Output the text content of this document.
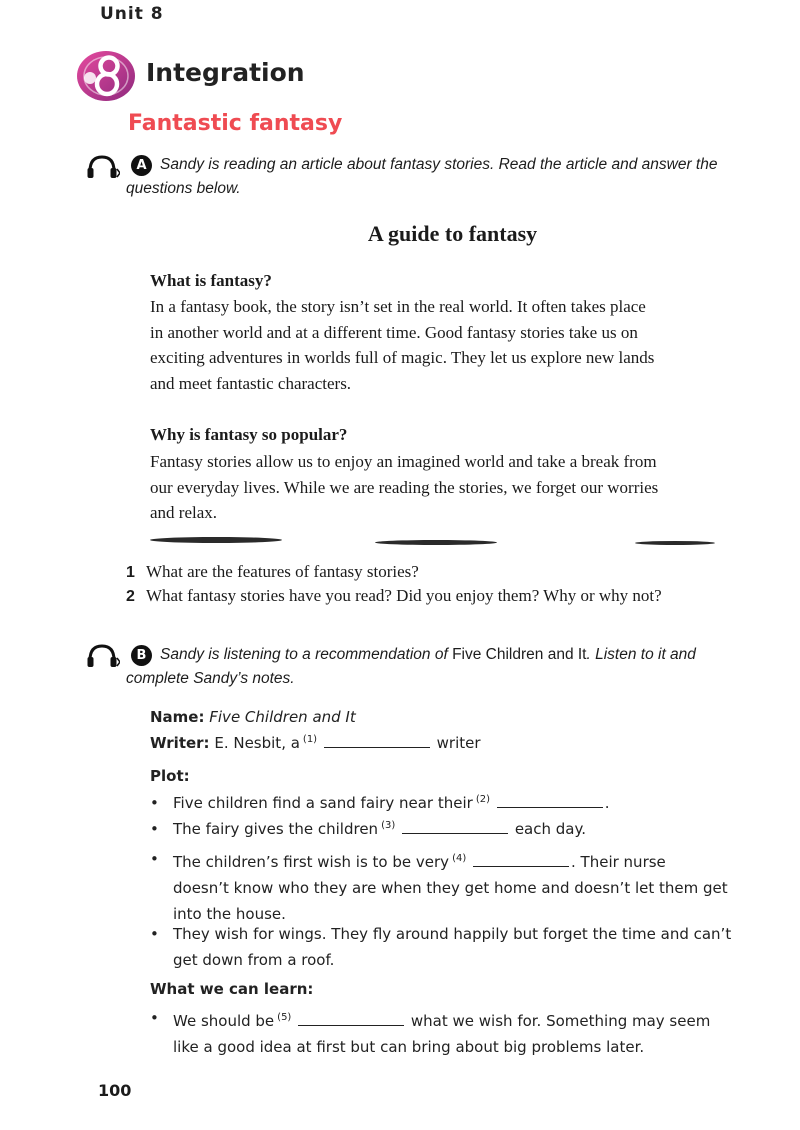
Unit 8
Integration
Fantastic fantasy
A Sandy is reading an article about fantasy stories. Read the article and answer the
questions below.
A guide to fantasy
What is fantasy?
In a fantasy book, the story isn’t set in the real world. It often takes place
in another world and at a different time. Good fantasy stories take us on
exciting adventures in worlds full of magic. They let us explore new lands
and meet fantastic characters.
Why is fantasy so popular?
Fantasy stories allow us to enjoy an imagined world and take a break from
our everyday lives. While we are reading the stories, we forget our worries
and relax.
1 What are the features of fantasy stories?
2 What fantasy stories have you read? Did you enjoy them? Why or why not?
B Sandy is listening to a recommendation of Five Children and It. Listen to it and
complete Sandy’s notes.
Name: Five Children and It
Writer: E. Nesbit, a $^{(1)}$	writer
Plot:
• Five children find a sand fairy near their $^{(2)}$	.
• The fairy gives the children $^{(3)}$	each day.
• The children’s first wish is to be very $^{(4)}$	. Their nurse
doesn’t know who they are when they get home and doesn’t let them get
into the house.
• They wish for wings. They fly around happily but forget the time and can’t
get down from a roof.
What we can learn:
• We should be $^{(5)}$	what we wish for. Something may seem
like a good idea at first but can bring about big problems later.
100
